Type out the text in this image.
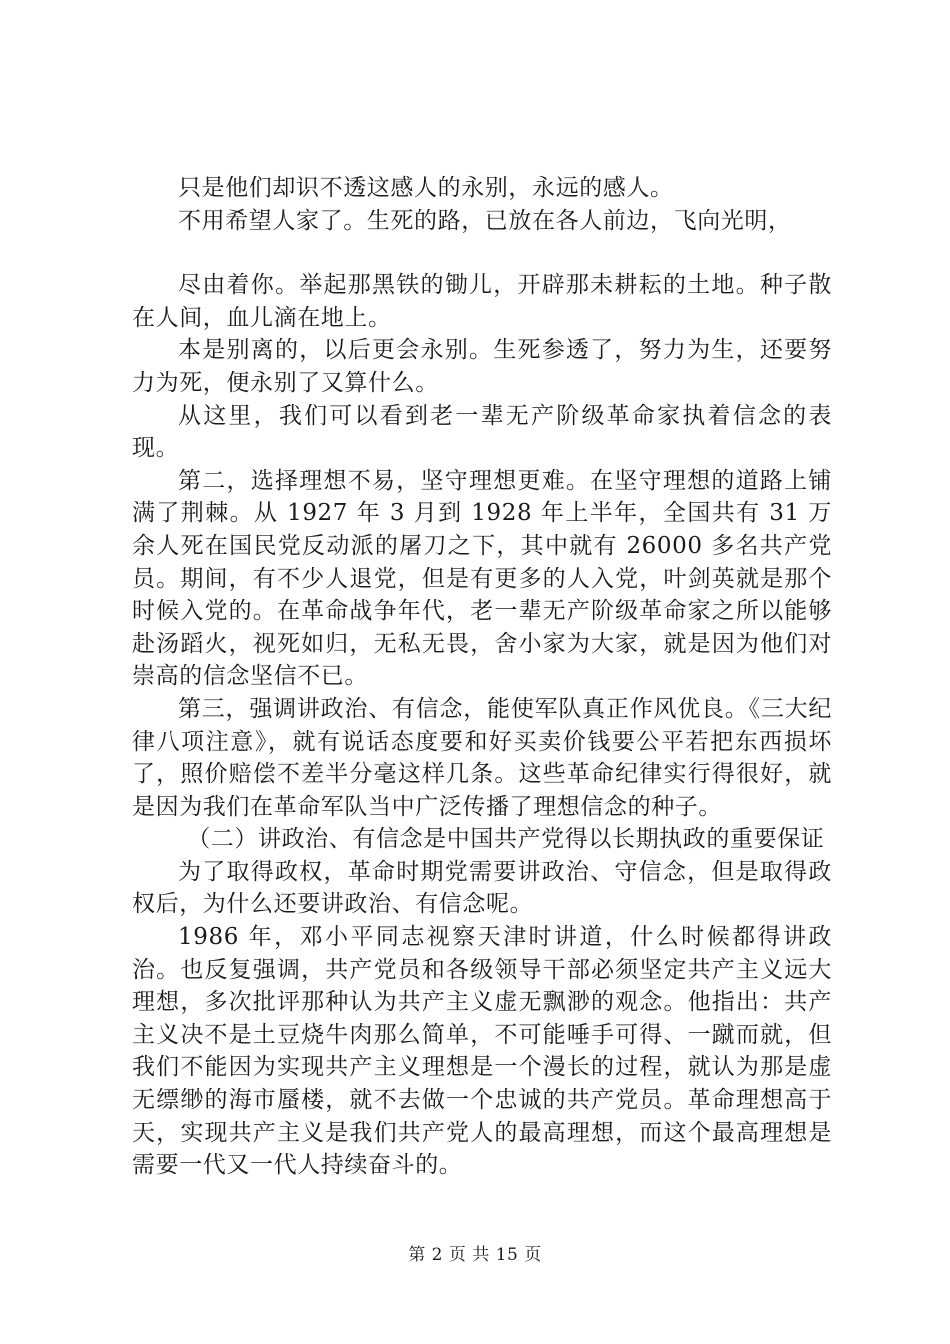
只是他们却识不透这感人的永别，永远的感人。

不用希望人家了。生死的路，已放在各人前边，飞向光明，

尽由着你。举起那黑铁的锄儿，开辟那未耕耘的土地。种子散在人间，血儿滴在地上。

本是别离的，以后更会永别。生死参透了，努力为生，还要努力为死，便永别了又算什么。

从这里，我们可以看到老一辈无产阶级革命家执着信念的表现。

第二，选择理想不易，坚守理想更难。在坚守理想的道路上铺满了荆棘。从 1927 年 3 月到 1928 年上半年，全国共有 31 万余人死在国民党反动派的屠刀之下，其中就有 26000 多名共产党员。期间，有不少人退党，但是有更多的人入党，叶剑英就是那个时候入党的。在革命战争年代，老一辈无产阶级革命家之所以能够赴汤蹈火，视死如归，无私无畏，舍小家为大家，就是因为他们对崇高的信念坚信不已。

第三，强调讲政治、有信念，能使军队真正作风优良。《三大纪律八项注意》，就有说话态度要和好买卖价钱要公平若把东西损坏了，照价赔偿不差半分毫这样几条。这些革命纪律实行得很好，就是因为我们在革命军队当中广泛传播了理想信念的种子。

（二）讲政治、有信念是中国共产党得以长期执政的重要保证

为了取得政权，革命时期党需要讲政治、守信念，但是取得政权后，为什么还要讲政治、有信念呢。

1986 年，邓小平同志视察天津时讲道，什么时候都得讲政治。也反复强调，共产党员和各级领导干部必须坚定共产主义远大理想，多次批评那种认为共产主义虚无飘渺的观念。他指出：共产主义决不是土豆烧牛肉那么简单，不可能唾手可得、一蹴而就，但我们不能因为实现共产主义理想是一个漫长的过程，就认为那是虚无缥缈的海市蜃楼，就不去做一个忠诚的共产党员。革命理想高于天，实现共产主义是我们共产党人的最高理想，而这个最高理想是需要一代又一代人持续奋斗的。

第 2 页 共 15 页
